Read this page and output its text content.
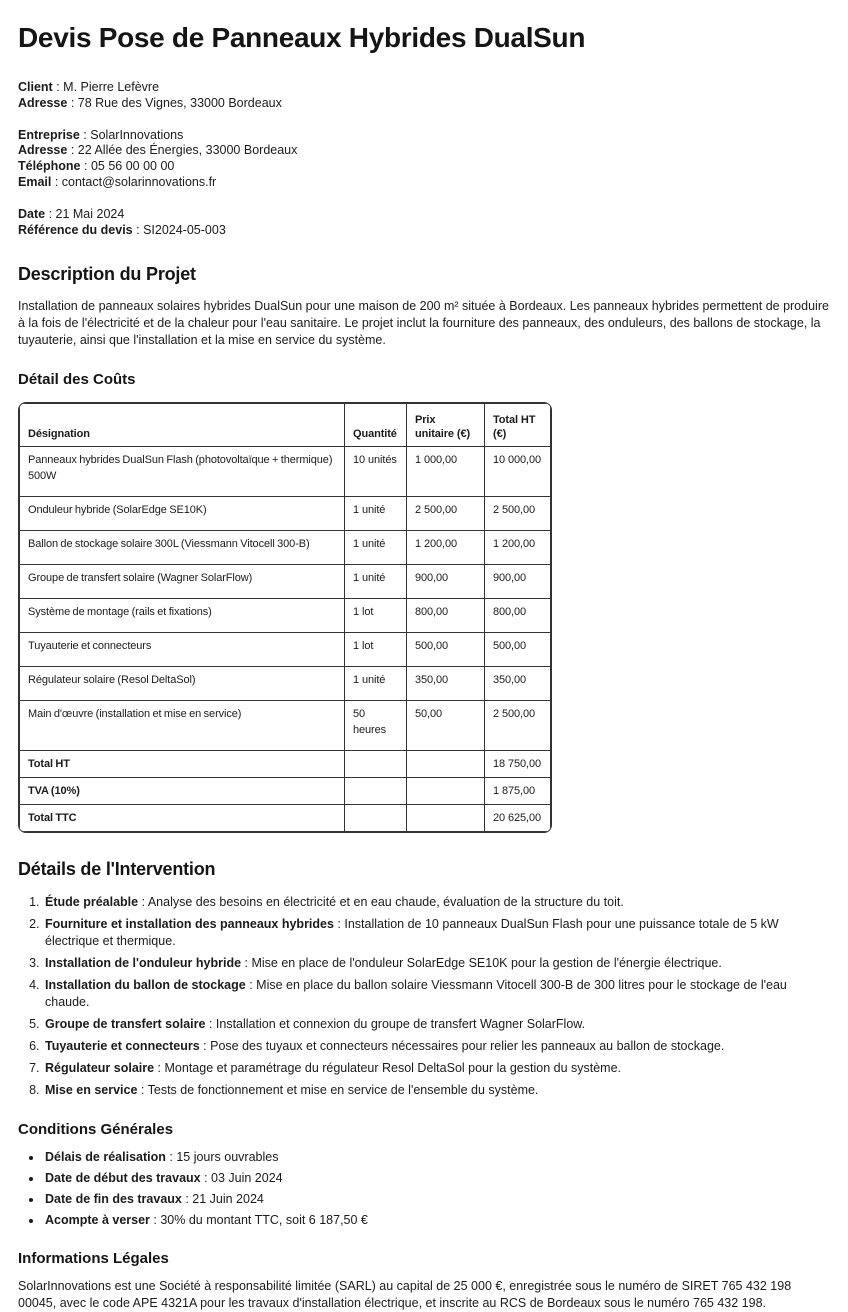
Devis Pose de Panneaux Hybrides DualSun
Client : M. Pierre Lefèvre
Adresse : 78 Rue des Vignes, 33000 Bordeaux
Entreprise : SolarInnovations
Adresse : 22 Allée des Énergies, 33000 Bordeaux
Téléphone : 05 56 00 00 00
Email : contact@solarinnovations.fr
Date : 21 Mai 2024
Référence du devis : SI2024-05-003
Description du Projet

Installation de panneaux solaires hybrides DualSun pour une maison de 200 m² située à Bordeaux. Les panneaux hybrides permettent de produire à la fois de l'électricité et de la chaleur pour l'eau sanitaire. Le projet inclut la fourniture des panneaux, des onduleurs, des ballons de stockage, la tuyauterie, ainsi que l'installation et la mise en service du système.

Détail des Coûts
Désignation	Quantité	Prix unitaire (€)	Total HT (€)
Panneaux hybrides DualSun Flash (photovoltaïque + thermique) 500W	10 unités	1 000,00	10 000,00
Onduleur hybride (SolarEdge SE10K)	1 unité	2 500,00	2 500,00
Ballon de stockage solaire 300L (Viessmann Vitocell 300-B)	1 unité	1 200,00	1 200,00
Groupe de transfert solaire (Wagner SolarFlow)	1 unité	900,00	900,00
Système de montage (rails et fixations)	1 lot	800,00	800,00
Tuyauterie et connecteurs	1 lot	500,00	500,00
Régulateur solaire (Resol DeltaSol)	1 unité	350,00	350,00
Main d'œuvre (installation et mise en service)	50 heures	50,00	2 500,00
Total HT			18 750,00
TVA (10%)			1 875,00
Total TTC			20 625,00
Détails de l'Intervention
1. Étude préalable : Analyse des besoins en électricité et en eau chaude, évaluation de la structure du toit.
2. Fourniture et installation des panneaux hybrides : Installation de 10 panneaux DualSun Flash pour une puissance totale de 5 kW électrique et thermique.
3. Installation de l'onduleur hybride : Mise en place de l'onduleur SolarEdge SE10K pour la gestion de l'énergie électrique.
4. Installation du ballon de stockage : Mise en place du ballon solaire Viessmann Vitocell 300-B de 300 litres pour le stockage de l'eau chaude.
5. Groupe de transfert solaire : Installation et connexion du groupe de transfert Wagner SolarFlow.
6. Tuyauterie et connecteurs : Pose des tuyaux et connecteurs nécessaires pour relier les panneaux au ballon de stockage.
7. Régulateur solaire : Montage et paramétrage du régulateur Resol DeltaSol pour la gestion du système.
8. Mise en service : Tests de fonctionnement et mise en service de l'ensemble du système.
Conditions Générales
• Délais de réalisation : 15 jours ouvrables
• Date de début des travaux : 03 Juin 2024
• Date de fin des travaux : 21 Juin 2024
• Acompte à verser : 30% du montant TTC, soit 6 187,50 €
Informations Légales

SolarInnovations est une Société à responsabilité limitée (SARL) au capital de 25 000 €, enregistrée sous le numéro de SIRET 765 432 198 00045, avec le code APE 4321A pour les travaux d'installation électrique, et inscrite au RCS de Bordeaux sous le numéro 765 432 198.
